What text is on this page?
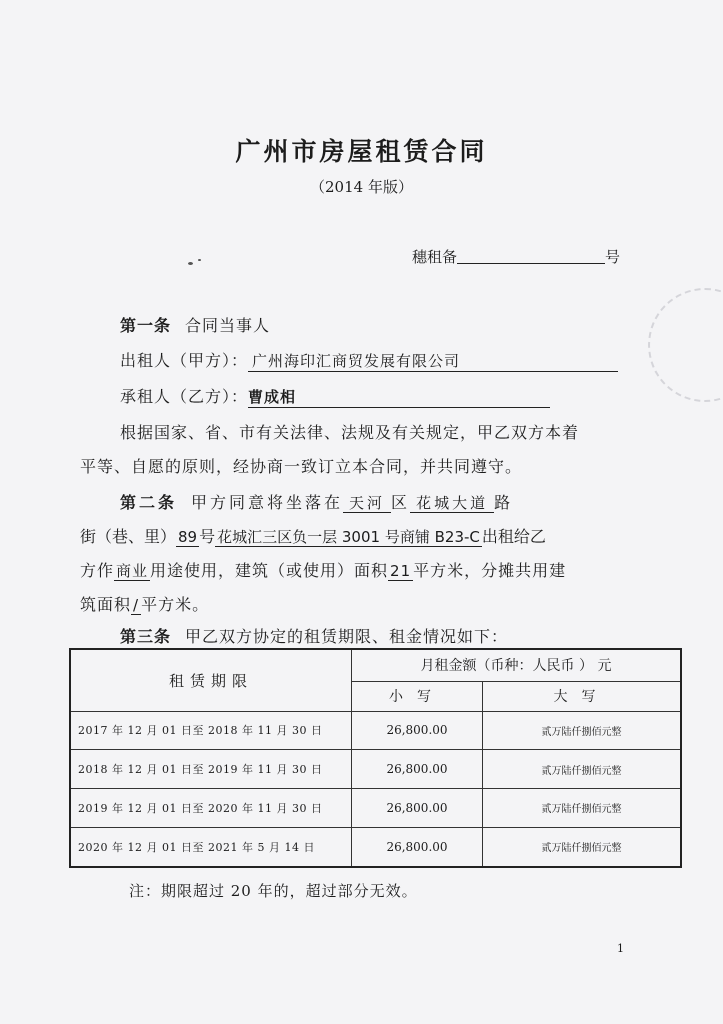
广州市房屋租赁合同
（2014 年版）
穗租备	号
第一条 合同当事人
出租人（甲方）： 广州海印汇商贸发展有限公司
承租人（乙方）：曹成相
根据国家、省、市有关法律、法规及有关规定，甲乙双方本着
平等、自愿的原则，经协商一致订立本合同，并共同遵守。
第二条 甲方同意将坐落在 天河 区 花城大道 路
街（巷、里） 89 号 花城汇三区负一层 3001 号商铺 B23-C 出租给乙
方作 商业 用途使用，建筑（或使用）面积 21 平方米，分摊共用建
筑面积 / 平方米。
第三条 甲乙双方协定的租赁期限、租金情况如下：
租赁期限	月租金额（币种：人民币 ） 元	
	小写	大写
2017 年 12 月 01 日至 2018 年 11 月 30 日	26,800.00	贰万陆仟捌佰元整
2018 年 12 月 01 日至 2019 年 11 月 30 日	26,800.00	贰万陆仟捌佰元整
2019 年 12 月 01 日至 2020 年 11 月 30 日	26,800.00	贰万陆仟捌佰元整
2020 年 12 月 01 日至 2021 年 5 月 14 日	26,800.00	贰万陆仟捌佰元整
注：期限超过 20 年的，超过部分无效。
1
